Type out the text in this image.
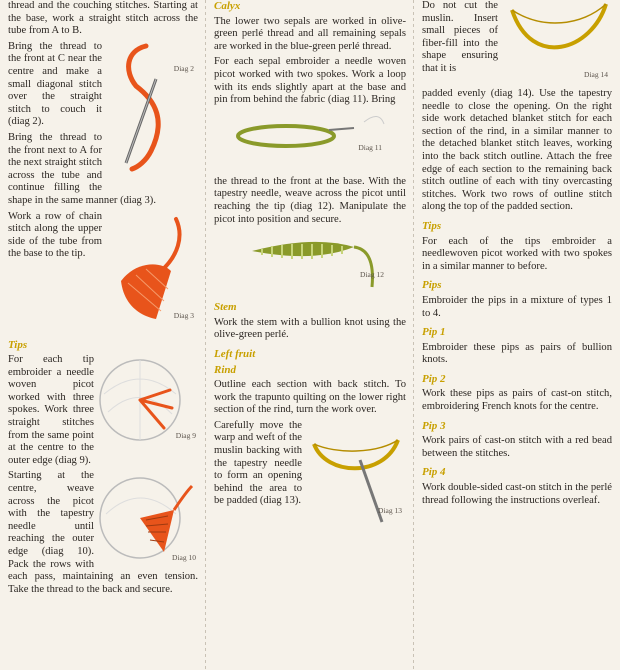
thread and the couching stitches. Starting at the base, work a straight stitch across the tube from A to B.

Diag 2

Bring the thread to the front at C near the centre and make a small diagonal stitch over the straight stitch to couch it (diag 2).

Bring the thread to the front next to A for the next straight stitch across the tube and continue filling the shape in the same manner (diag 3).

Diag 3

Work a row of chain stitch along the upper side of the tube from the base to the tip.

Tips
Diag 9

For each tip embroider a needle woven picot worked with three spokes. Work three straight stitches from the same point at the centre to the outer edge (diag 9).

Diag 10

Starting at the centre, weave across the picot with the tapestry needle until reaching the outer edge (diag 10). Pack the rows with each pass, maintaining an even tension. Take the thread to the back and secure.

Calyx

The lower two sepals are worked in olive-green perlé thread and all remaining sepals are worked in the blue-green perlé thread.

For each sepal embroider a needle woven picot worked with two spokes. Work a loop with its ends slightly apart at the base and pin from behind the fabric (diag 11). Bring

Diag 11

the thread to the front at the base. With the tapestry needle, weave across the picot until reaching the tip (diag 12). Manipulate the picot into position and secure.

Diag 12
Stem

Work the stem with a bullion knot using the olive-green perlé.

Left fruit
Rind

Outline each section with back stitch. To work the trapunto quilting on the lower right section of the rind, turn the work over.

Diag 13

Carefully move the warp and weft of the muslin backing with the tapestry needle to form an opening behind the area to be padded (diag 13).

Diag 14

Do not cut the muslin. Insert small pieces of fiber-fill into the shape ensuring that it is

padded evenly (diag 14). Use the tapestry needle to close the opening. On the right side work detached blanket stitch for each section of the rind, in a similar manner to the detached blanket stitch leaves, working into the back stitch outline. Attach the free edge of each section to the remaining back stitch outline of each with tiny overcasting stitches. Work two rows of outline stitch along the top of the padded section.

Tips

For each of the tips embroider a needlewoven picot worked with two spokes in a similar manner to before.

Pips

Embroider the pips in a mixture of types 1 to 4.

Pip 1

Embroider these pips as pairs of bullion knots.

Pip 2

Work these pips as pairs of cast-on stitch, embroidering French knots for the centre.

Pip 3

Work pairs of cast-on stitch with a red bead between the stitches.

Pip 4

Work double-sided cast-on stitch in the perlé thread following the instructions overleaf.
